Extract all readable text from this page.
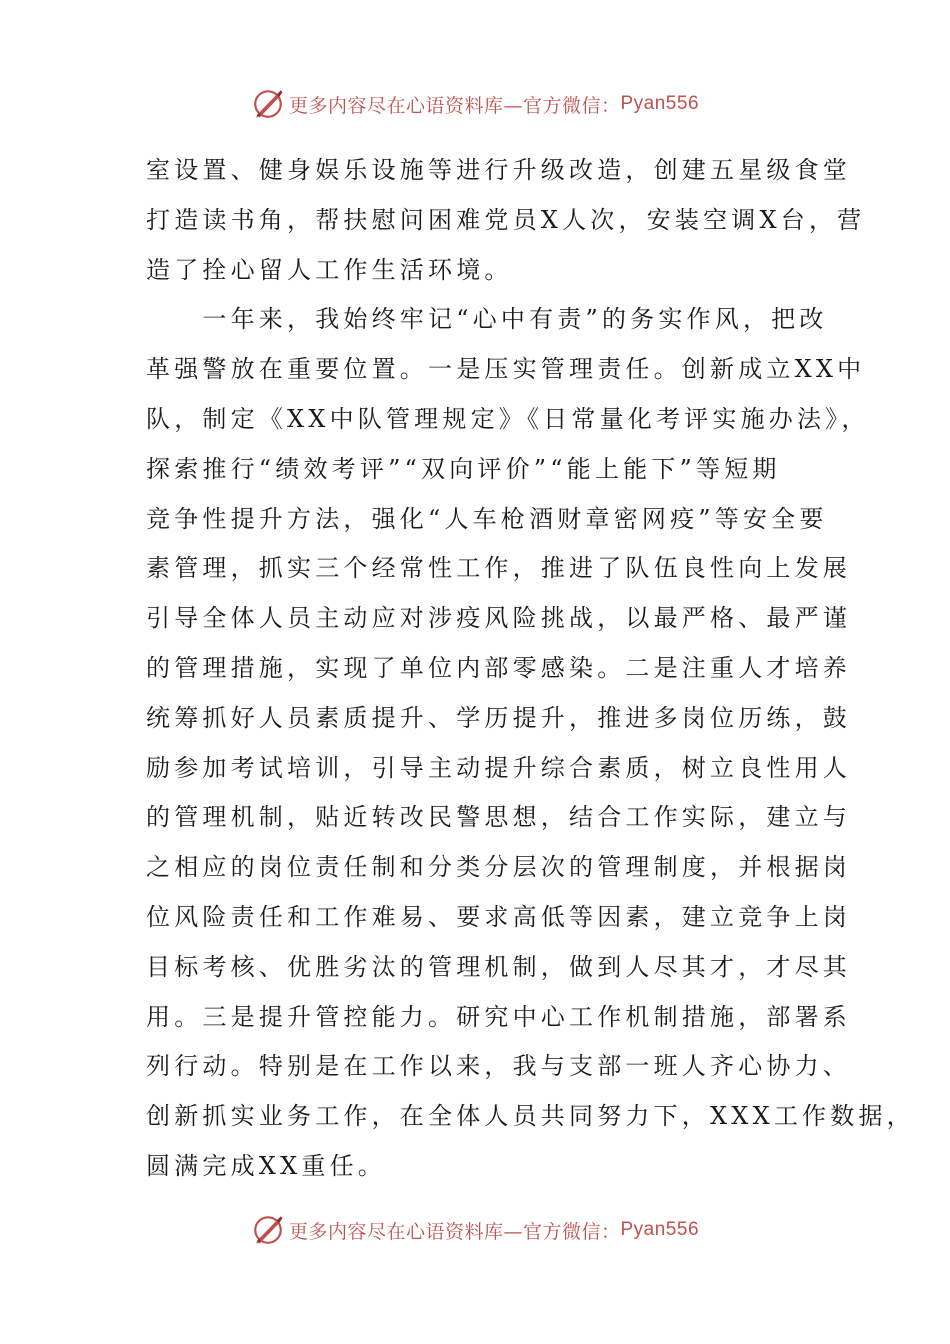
更多内容尽在心语资料库—官方微信： Pyan556
室设置、健身娱乐设施等进行升级改造，创建五星级食堂
打造读书角，帮扶慰问困难党员X人次，安装空调X台，营
造了拴心留人工作生活环境。
　　一年来，我始终牢记“心中有责”的务实作风，把改
革强警放在重要位置。一是压实管理责任。创新成立XX中
队，制定《XX中队管理规定》《日常量化考评实施办法》，
探索推行“绩效考评”“双向评价”“能上能下”等短期
竞争性提升方法，强化“人车枪酒财章密网疫”等安全要
素管理，抓实三个经常性工作，推进了队伍良性向上发展
引导全体人员主动应对涉疫风险挑战，以最严格、最严谨
的管理措施，实现了单位内部零感染。二是注重人才培养
统筹抓好人员素质提升、学历提升，推进多岗位历练，鼓
励参加考试培训，引导主动提升综合素质，树立良性用人
的管理机制，贴近转改民警思想，结合工作实际，建立与
之相应的岗位责任制和分类分层次的管理制度，并根据岗
位风险责任和工作难易、要求高低等因素，建立竞争上岗
目标考核、优胜劣汰的管理机制，做到人尽其才，才尽其
用。三是提升管控能力。研究中心工作机制措施，部署系
列行动。特别是在工作以来，我与支部一班人齐心协力、
创新抓实业务工作，在全体人员共同努力下，XXX工作数据，
圆满完成XX重任。
更多内容尽在心语资料库—官方微信： Pyan556
